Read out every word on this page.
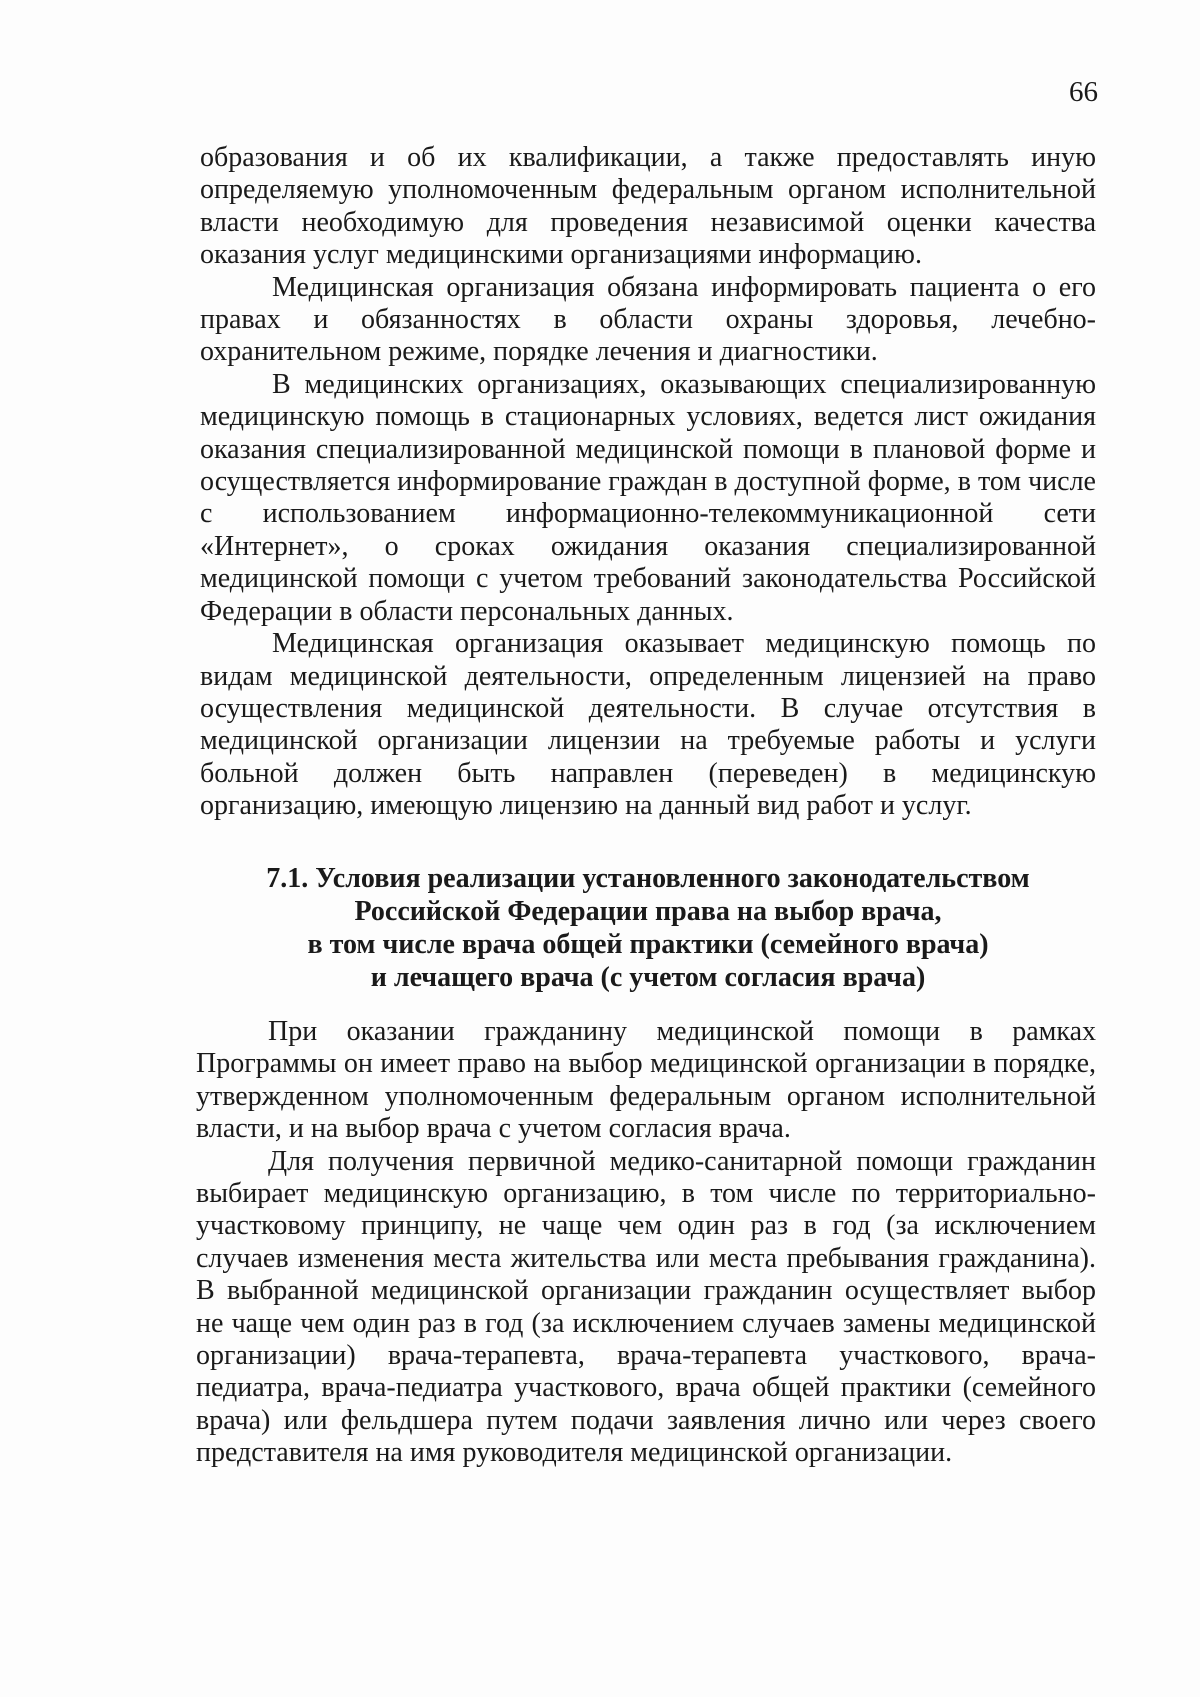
66

образования и об их квалификации, а также предоставлять иную определяемую уполномоченным федеральным органом исполнительной власти необходимую для проведения независимой оценки качества оказания услуг медицинскими организациями информацию.

Медицинская организация обязана информировать пациента о его правах и обязанностях в области охраны здоровья, лечебно-охранительном режиме, порядке лечения и диагностики.

В медицинских организациях, оказывающих специализированную медицинскую помощь в стационарных условиях, ведется лист ожидания оказания специализированной медицинской помощи в плановой форме и осуществляется информирование граждан в доступной форме, в том числе с использованием информационно-телекоммуникационной сети «Интернет», о сроках ожидания оказания специализированной медицинской помощи с учетом требований законодательства Российской Федерации в области персональных данных.

Медицинская организация оказывает медицинскую помощь по видам медицинской деятельности, определенным лицензией на право осуществления медицинской деятельности. В случае отсутствия в медицинской организации лицензии на требуемые работы и услуги больной должен быть направлен (переведен) в медицинскую организацию, имеющую лицензию на данный вид работ и услуг.

7.1. Условия реализации установленного законодательством
Российской Федерации права на выбор врача,
в том числе врача общей практики (семейного врача)
и лечащего врача (с учетом согласия врача)

При оказании гражданину медицинской помощи в рамках Программы он имеет право на выбор медицинской организации в порядке, утвержденном уполномоченным федеральным органом исполнительной власти, и на выбор врача с учетом согласия врача.

Для получения первичной медико-санитарной помощи гражданин выбирает медицинскую организацию, в том числе по территориально-участковому принципу, не чаще чем один раз в год (за исключением случаев изменения места жительства или места пребывания гражданина). В выбранной медицинской организации гражданин осуществляет выбор не чаще чем один раз в год (за исключением случаев замены медицинской организации) врача-терапевта, врача-терапевта участкового, врача-педиатра, врача-педиатра участкового, врача общей практики (семейного врача) или фельдшера путем подачи заявления лично или через своего представителя на имя руководителя медицинской организации.
